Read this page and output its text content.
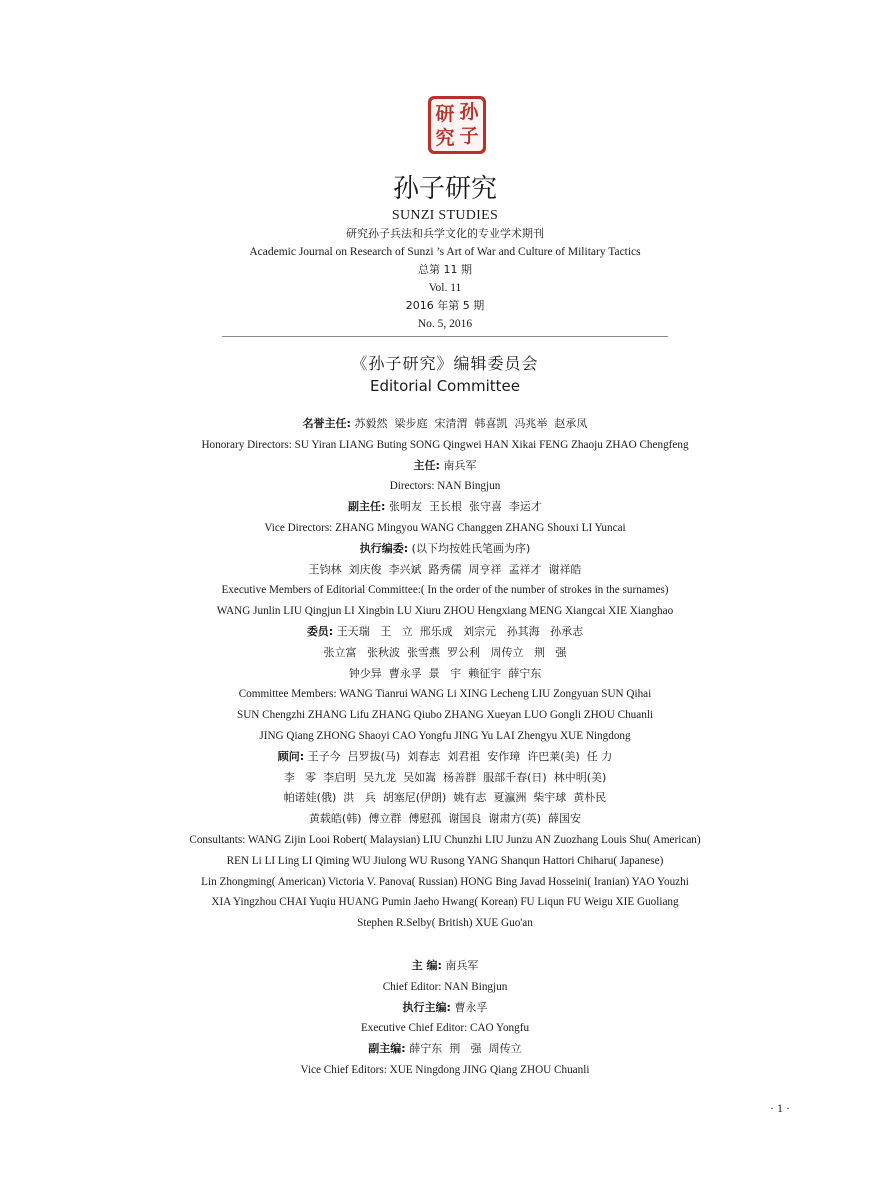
孙
子
研
究
孙子研究
SUNZI STUDIES
研究孙子兵法和兵学文化的专业学术期刊
Academic Journal on Research of Sunzi ’s Art of War and Culture of Military Tactics
总第 11 期
Vol. 11
2016 年第 5 期
No. 5, 2016
《孙子研究》编辑委员会
Editorial Committee
名誉主任: 苏毅然  梁步庭  宋清渭  韩喜凯  冯兆举  赵承凤
Honorary Directors: SU Yiran LIANG Buting SONG Qingwei HAN Xikai FENG Zhaoju ZHAO Chengfeng
主任: 南兵军
Directors: NAN Bingjun
副主任: 张明友  王长根  张守喜  李运才
Vice Directors: ZHANG Mingyou WANG Changgen ZHANG Shouxi LI Yuncai
执行编委: (以下均按姓氏笔画为序)
王钧林  刘庆俊  李兴斌  路秀儒  周亨祥  孟祥才  谢祥皓
Executive Members of Editorial Committee:( In the order of the number of strokes in the surnames)
WANG Junlin LIU Qingjun LI Xingbin LU Xiuru ZHOU Hengxiang MENG Xiangcai XIE Xianghao
委员: 王天瑞   王   立  邢乐成   刘宗元   孙其海   孙承志
张立富   张秋波  张雪燕  罗公利   周传立   荆   强
钟少异  曹永孚  景   宇  赖征宇  薛宁东
Committee Members: WANG Tianrui WANG Li XING Lecheng LIU Zongyuan SUN Qihai
SUN Chengzhi ZHANG Lifu ZHANG Qiubo ZHANG Xueyan LUO Gongli ZHOU Chuanli
JING Qiang ZHONG Shaoyi CAO Yongfu JING Yu LAI Zhengyu XUE Ningdong
顾问: 王子今  吕罗拔(马)  刘春志  刘君祖  安作璋  许巴莱(美)  任 力
李   零  李启明  吴九龙  吴如嵩  杨善群  服部千春(日)  林中明(美)
帕诺娃(俄)  洪   兵  胡塞尼(伊朗)  姚有志  夏瀛洲  柴宇球  黄朴民
黄载皓(韩)  傅立群  傅慰孤  谢国良  谢肃方(英)  薛国安
Consultants: WANG Zijin Looi Robert( Malaysian) LIU Chunzhi LIU Junzu AN Zuozhang Louis Shu( American)
REN Li LI Ling LI Qiming WU Jiulong WU Rusong YANG Shanqun Hattori Chiharu( Japanese)
Lin Zhongming( American) Victoria V. Panova( Russian) HONG Bing Javad Hosseini( Iranian) YAO Youzhi
XIA Yingzhou CHAI Yuqiu HUANG Pumin Jaeho Hwang( Korean) FU Liqun FU Weigu XIE Guoliang
Stephen R.Selby( British) XUE Guo'an
主 编: 南兵军
Chief Editor: NAN Bingjun
执行主编: 曹永孚
Executive Chief Editor: CAO Yongfu
副主编: 薛宁东  荆   强  周传立
Vice Chief Editors: XUE Ningdong JING Qiang ZHOU Chuanli
· 1 ·
